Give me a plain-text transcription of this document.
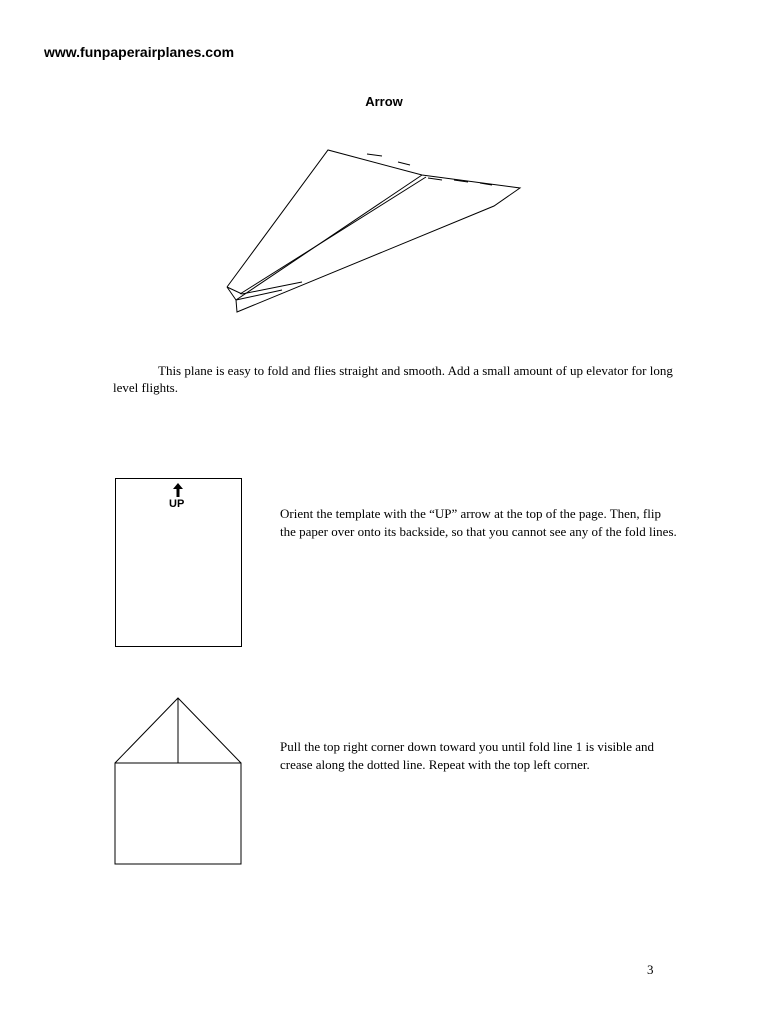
www.funpaperairplanes.com
Arrow
This plane is easy to fold and flies straight and smooth. Add a small amount of up elevator for long level flights.
UP
Orient the template with the “UP” arrow at the top of the page. Then, flip the paper over onto its backside, so that you cannot see any of the fold lines.
Pull the top right corner down toward you until fold line 1 is visible and crease along the dotted line. Repeat with the top left corner.
3
